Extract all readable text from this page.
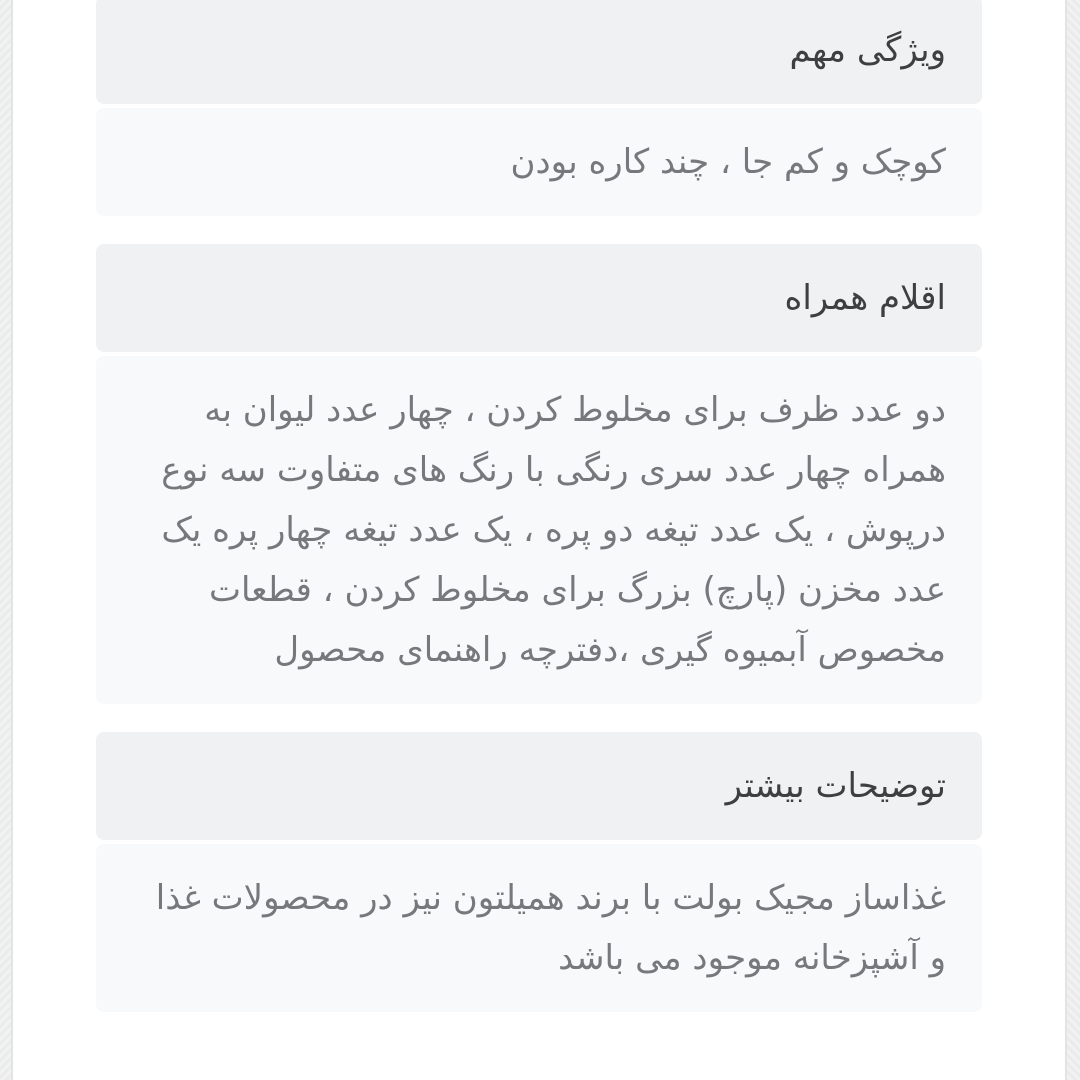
ویژگی مهم
کوچک و کم جا ، چند کاره بودن
اقلام همراه
دو عدد ظرف برای مخلوط کردن ، چهار عدد لیوان به همراه چهار عدد سری رنگی با رنگ های متفاوت سه نوع درپوش ، یک عدد تیغه دو پره ، یک عدد تیغه چهار پره یک عدد مخزن (پارچ) بزرگ برای مخلوط کردن ، قطعات مخصوص آبمیوه گیری ،دفترچه راهنمای محصول
توضیحات بیشتر
غذاساز مجیک بولت با برند همیلتون نیز در محصولات غذا و آشپزخانه موجود می باشد
